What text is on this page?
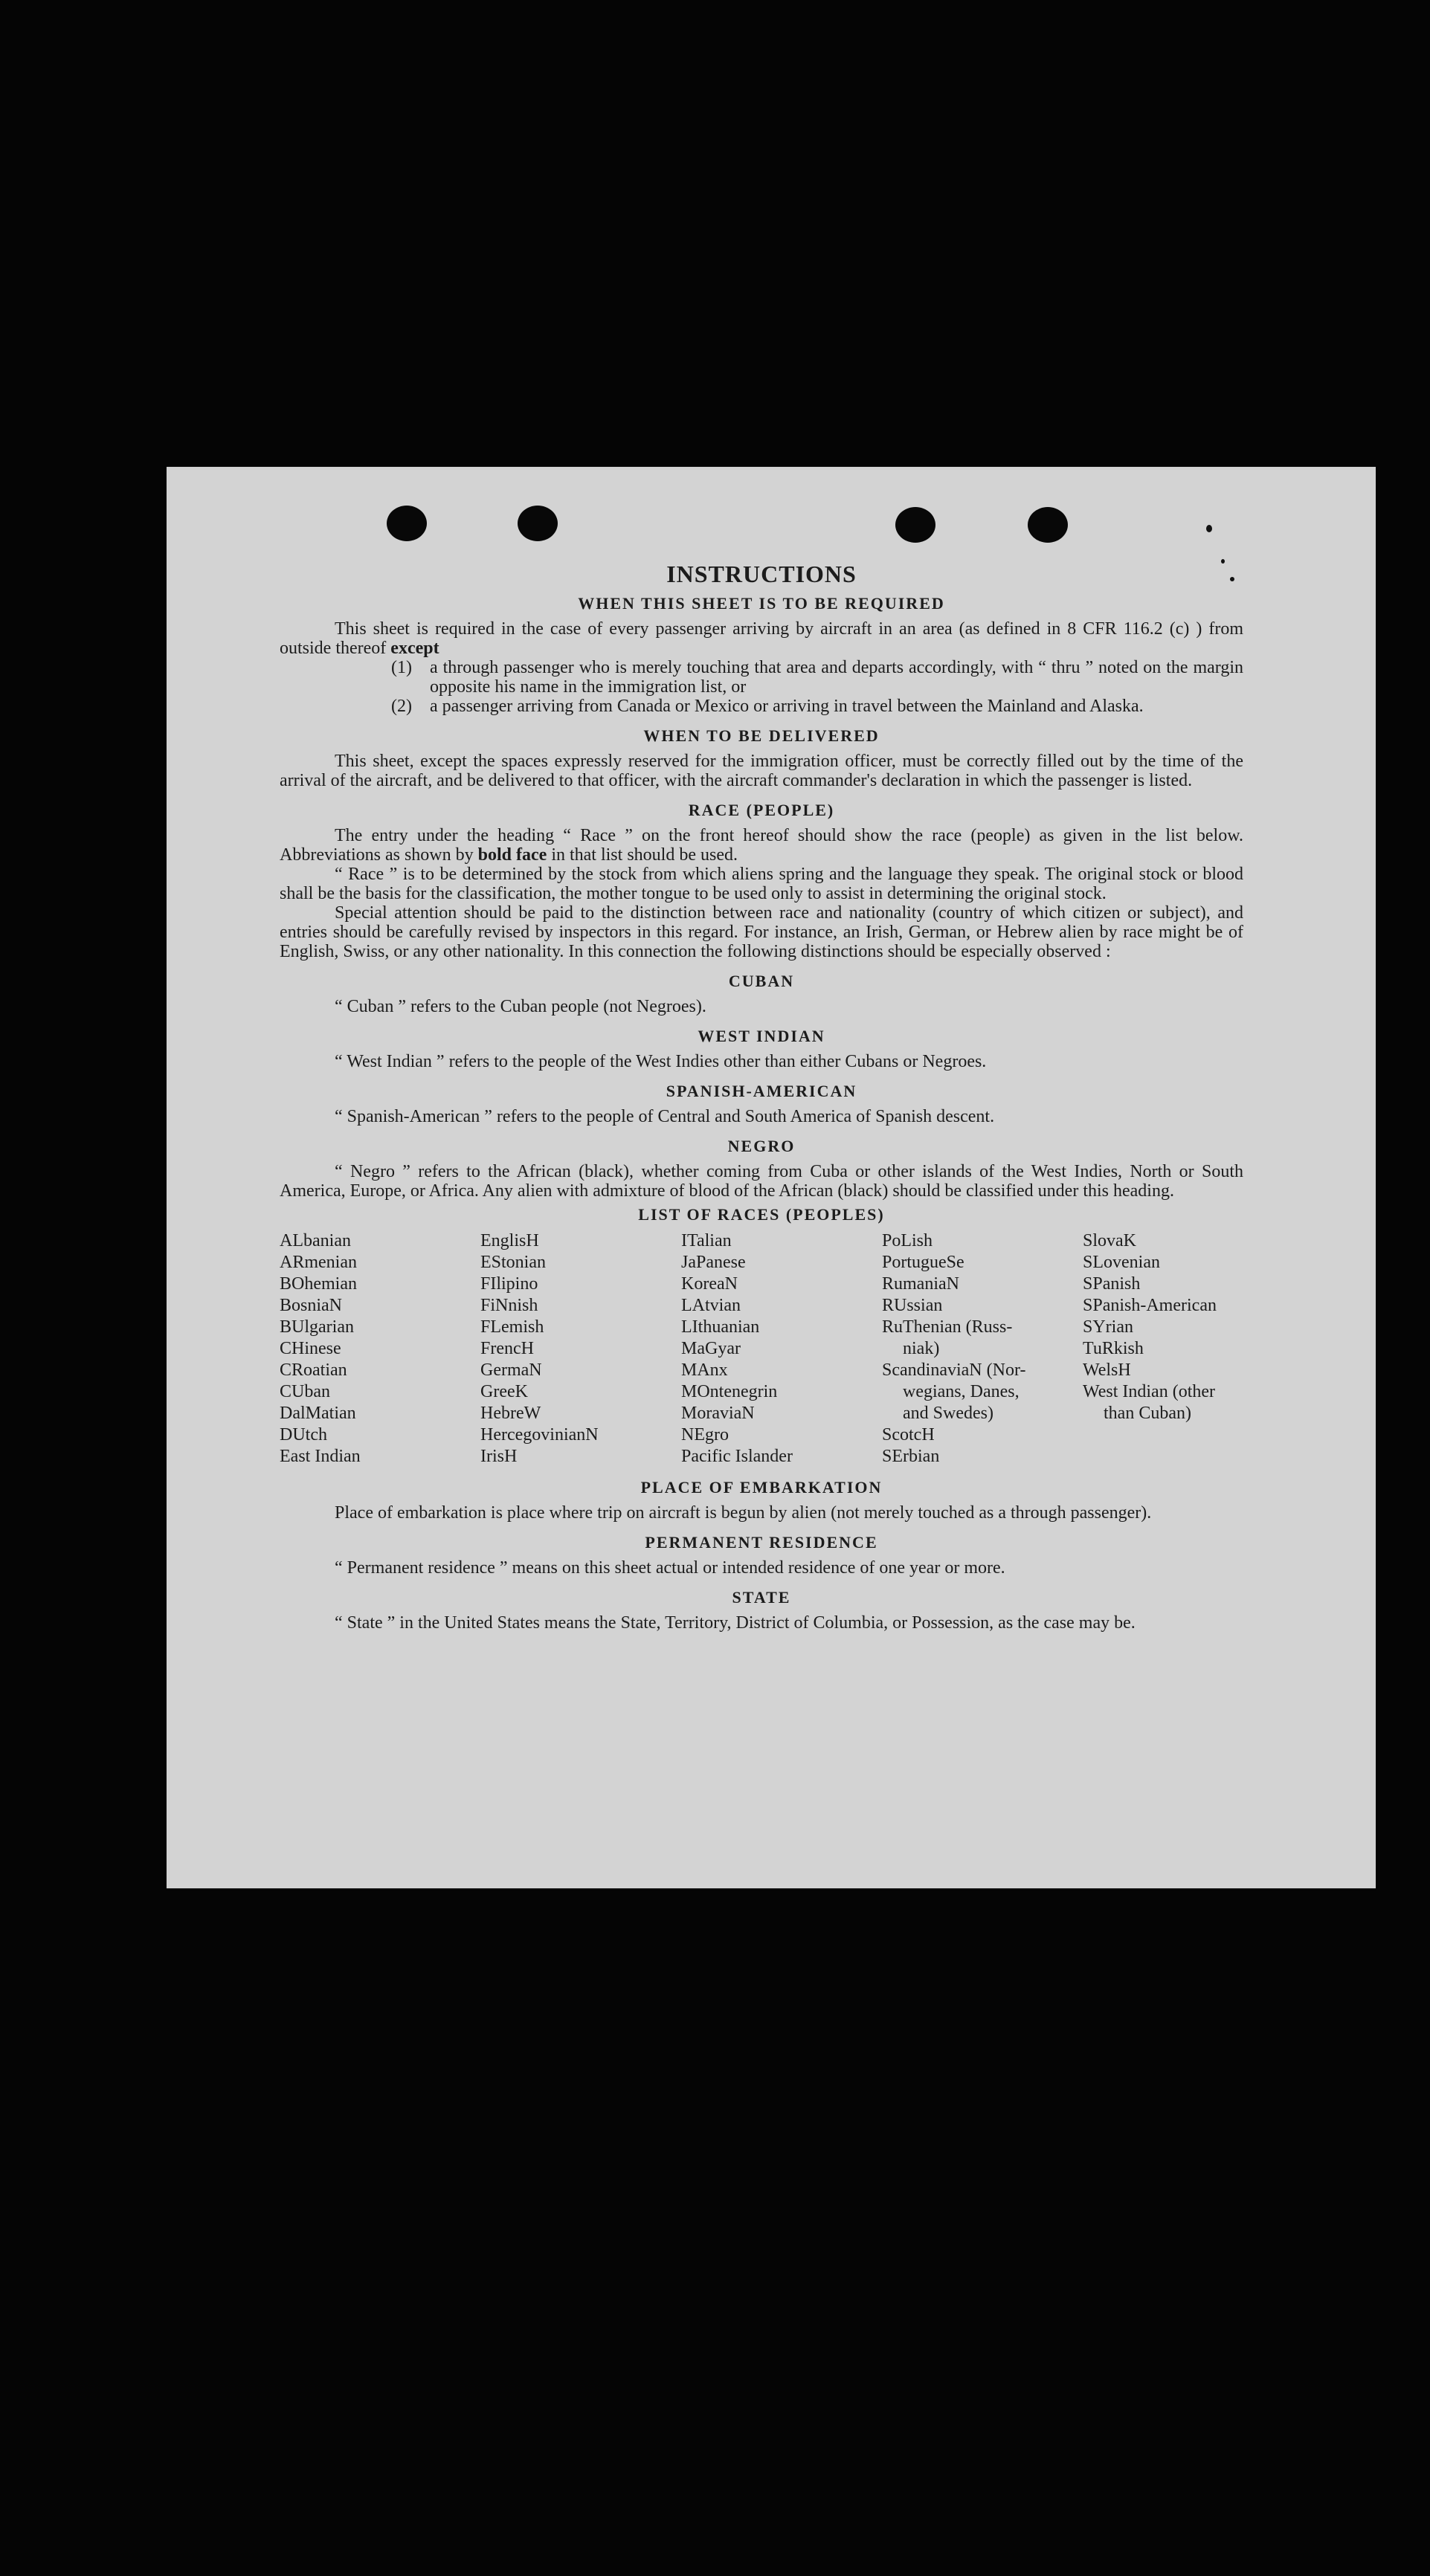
INSTRUCTIONS
WHEN THIS SHEET IS TO BE REQUIRED

This sheet is required in the case of every passenger arriving by aircraft in an area (as defined in 8 CFR 116.2 (c) ) from outside thereof except

(1)	a through passenger who is merely touching that area and departs accordingly, with “ thru ” noted on the margin opposite his name in the immigration list, or
(2)	a passenger arriving from Canada or Mexico or arriving in travel between the Mainland and Alaska.
WHEN TO BE DELIVERED

This sheet, except the spaces expressly reserved for the immigration officer, must be correctly filled out by the time of the arrival of the aircraft, and be delivered to that officer, with the aircraft commander's declaration in which the passenger is listed.

RACE (PEOPLE)

The entry under the heading “ Race ” on the front hereof should show the race (people) as given in the list below. Abbreviations as shown by bold face in that list should be used.

“ Race ” is to be determined by the stock from which aliens spring and the language they speak. The original stock or blood shall be the basis for the classification, the mother tongue to be used only to assist in determining the original stock.

Special attention should be paid to the distinction between race and nationality (country of which citizen or subject), and entries should be carefully revised by inspectors in this regard. For instance, an Irish, German, or Hebrew alien by race might be of English, Swiss, or any other nationality. In this connection the following distinctions should be especially observed :

CUBAN

“ Cuban ” refers to the Cuban people (not Negroes).

WEST INDIAN

“ West Indian ” refers to the people of the West Indies other than either Cubans or Negroes.

SPANISH-AMERICAN

“ Spanish-American ” refers to the people of Central and South America of Spanish descent.

NEGRO

“ Negro ” refers to the African (black), whether coming from Cuba or other islands of the West Indies, North or South America, Europe, or Africa. Any alien with admixture of blood of the African (black) should be classified under this heading.

LIST OF RACES (PEOPLES)
ALbanian
ARmenian
BOhemian
BosniaN
BUlgarian
CHinese
CRoatian
CUban
DalMatian
DUtch
East Indian
EnglisH
EStonian
FIlipino
FiNnish
FLemish
FrencH
GermaN
GreeK
HebreW
HercegovinianN
IrisH
ITalian
JaPanese
KoreaN
LAtvian
LIthuanian
MaGyar
MAnx
MOntenegrin
MoraviaN
NEgro
Pacific Islander
PoLish
PortugueSe
RumaniaN
RUssian
RuThenian (Russ-
niak)
ScandinaviaN (Nor-
wegians, Danes,
and Swedes)
ScotcH
SErbian
SlovaK
SLovenian
SPanish
SPanish-American
SYrian
TuRkish
WelsH
West Indian (other
than Cuban)
PLACE OF EMBARKATION

Place of embarkation is place where trip on aircraft is begun by alien (not merely touched as a through passenger).

PERMANENT RESIDENCE

“ Permanent residence ” means on this sheet actual or intended residence of one year or more.

STATE

“ State ” in the United States means the State, Territory, District of Columbia, or Possession, as the case may be.
